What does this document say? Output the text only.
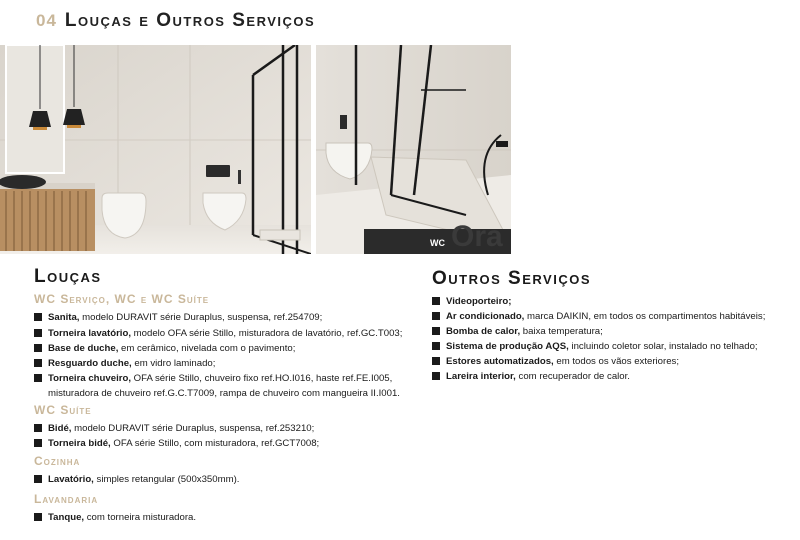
04 Louças e Outros Serviços
Ora
WC
Louças
WC Serviço, WC e WC Suíte
Sanita, modelo DURAVIT série Duraplus, suspensa, ref.254709;
Torneira lavatório, modelo OFA série Stillo, misturadora de lavatório, ref.GC.T003;
Base de duche, em cerâmico, nivelada com o pavimento;
Resguardo duche, em vidro laminado;
Torneira chuveiro, OFA série Stillo, chuveiro fixo ref.HO.I016, haste ref.FE.I005,
misturadora de chuveiro ref.G.C.T7009, rampa de chuveiro com mangueira II.I001.
WC Suíte
Bidé, modelo DURAVIT série Duraplus, suspensa, ref.253210;
Torneira bidé, OFA série Stillo, com misturadora, ref.GCT7008;
Cozinha
Lavatório, simples retangular (500x350mm).
Lavandaria
Tanque, com torneira misturadora.
Outros Serviços
Videoporteiro;
Ar condicionado, marca DAIKIN, em todos os compartimentos habitáveis;
Bomba de calor, baixa temperatura;
Sistema de produção AQS, incluindo coletor solar, instalado no telhado;
Estores automatizados, em todos os vãos exteriores;
Lareira interior, com recuperador de calor.
